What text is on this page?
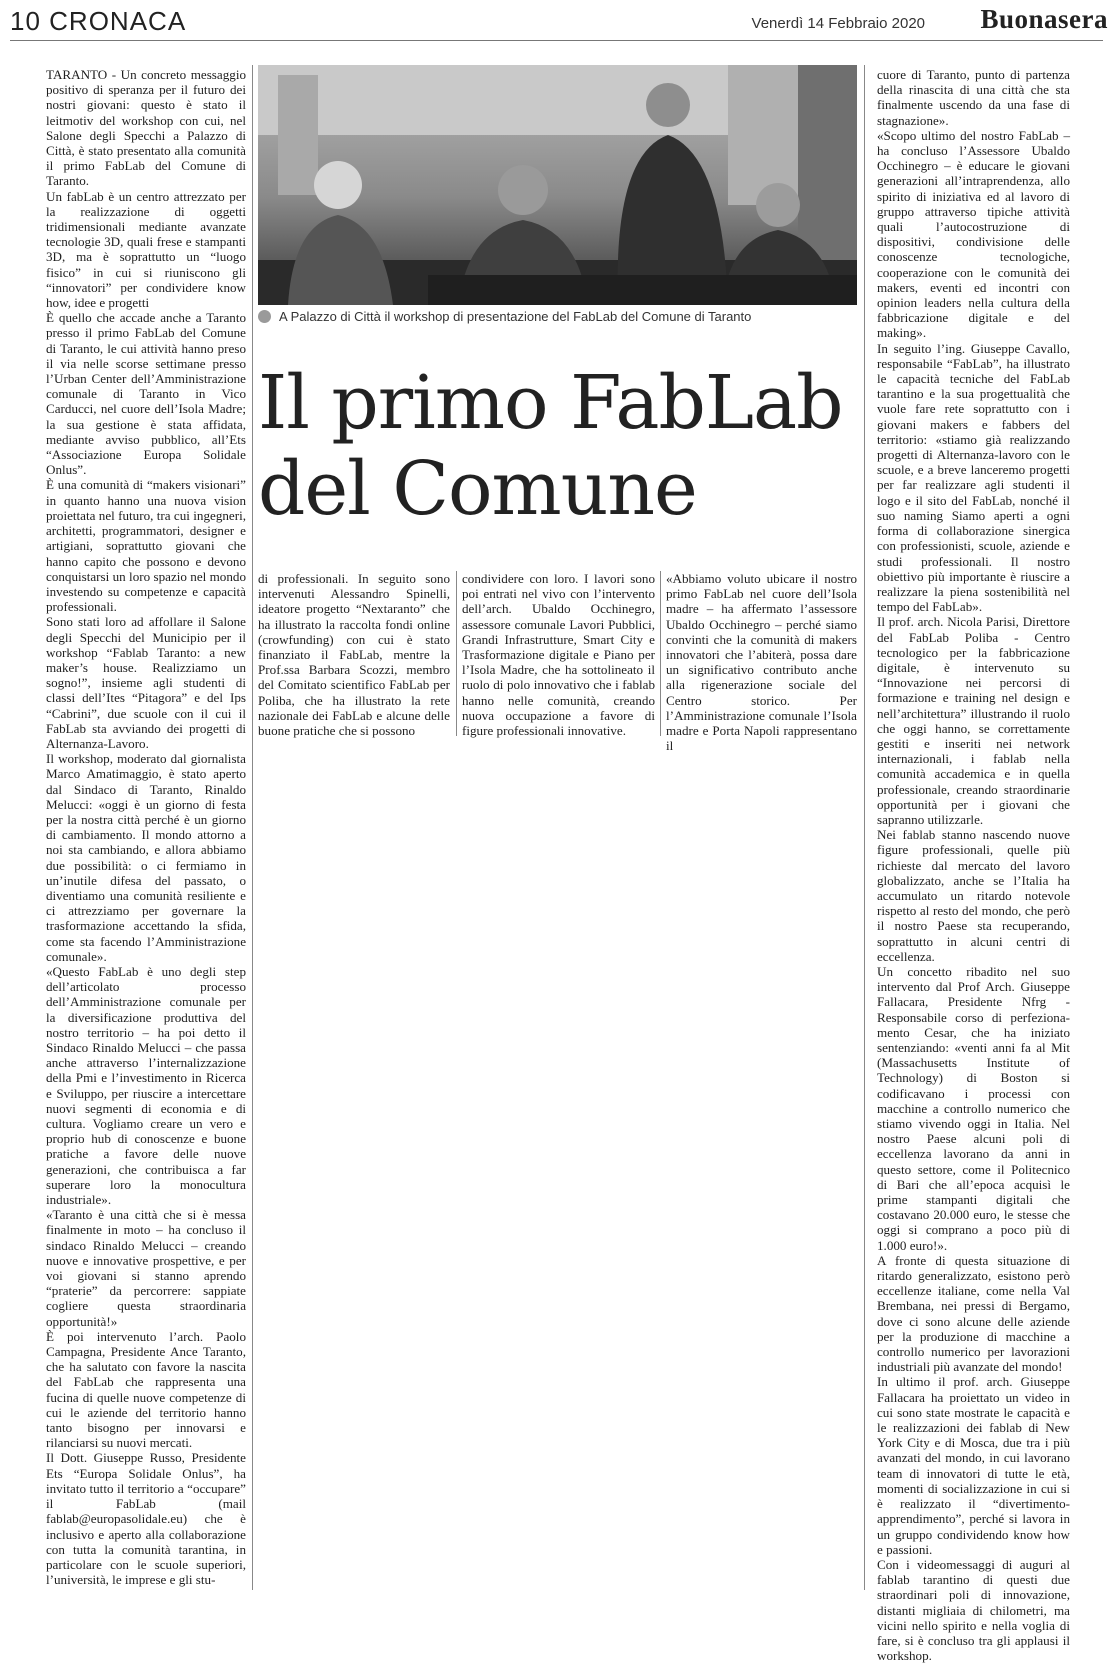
10 CRONACA	Venerdì 14 Febbraio 2020 Buonasera

TARANTO - Un concreto messaggio positivo di speranza per il futuro dei nostri giovani: questo è stato il leitmotiv del workshop con cui, nel Salone degli Specchi a Palazzo di Città, è stato presentato alla comunità il primo FabLab del Comune di Taranto.

Un fabLab è un centro attrezzato per la realizzazione di oggetti tridimensionali mediante avanzate tecnologie 3D, quali frese e stampanti 3D, ma è soprattutto un “luogo fisico” in cui si riuniscono gli “innovatori” per condividere know how, idee e progetti

È quello che accade anche a Taranto presso il primo FabLab del Comune di Taranto, le cui attività hanno preso il via nelle scorse settimane presso l’Urban Center dell’Amministrazione comunale di Taranto in Vico Carducci, nel cuore dell’Isola Madre; la sua gestione è stata affidata, mediante avviso pubblico, all’Ets “Associazione Europa Solidale Onlus”.

È una comunità di “makers visionari” in quanto hanno una nuova vision proiettata nel futuro, tra cui ingegneri, architetti, programmatori, designer e artigiani, soprattutto giovani che hanno capito che possono e devono conquistarsi un loro spazio nel mondo investendo su competenze e capacità professionali.

Sono stati loro ad affollare il Salone degli Specchi del Municipio per il workshop “Fablab Taranto: a new maker’s house. Realizziamo un sogno!”, insieme agli studenti di classi dell’Ites “Pitagora” e del Ips “Cabrini”, due scuole con il cui il FabLab sta avviando dei progetti di Alternanza-Lavoro.

Il workshop, moderato dal giornalista Marco Amatimaggio, è stato aperto dal Sindaco di Taranto, Rinaldo Melucci: «oggi è un giorno di festa per la nostra città perché è un giorno di cambiamento. Il mondo attorno a noi sta cambiando, e allora abbiamo due possibilità: o ci fermiamo in un’inutile difesa del passato, o diventiamo una comunità resiliente e ci attrezziamo per governare la trasformazione accettando la sfida, come sta facendo l’Amministrazione comunale».

«Questo FabLab è uno degli step dell’articolato processo dell’Amministrazione comunale per la diversificazione produttiva del nostro territorio – ha poi detto il Sindaco Rinaldo Melucci – che passa anche attraverso l’internalizzazione della Pmi e l’investimento in Ricerca e Sviluppo, per riuscire a intercettare nuovi segmenti di economia e di cultura. Vogliamo creare un vero e proprio hub di conoscenze e buone pratiche a favore delle nuove generazioni, che contribuisca a far superare loro la monocultura industriale».

«Taranto è una città che si è messa finalmente in moto – ha concluso il sindaco Rinaldo Melucci – creando nuove e innovative prospettive, e per voi giovani si stanno aprendo “praterie” da percorrere: sappiate cogliere questa straordinaria opportunità!»

È poi intervenuto l’arch. Paolo Campagna, Presidente Ance Taranto, che ha salutato con favore la nascita del FabLab che rappresenta una fucina di quelle nuove competenze di cui le aziende del territorio hanno tanto bisogno per innovarsi e rilanciarsi su nuovi mercati.

Il Dott. Giuseppe Russo, Presidente Ets “Europa Solidale Onlus”, ha invitato tutto il territorio a “occupare” il FabLab (mail fablab@europasolidale.eu) che è inclusivo e aperto alla collaborazione con tutta la comunità tarantina, in particolare con le scuole superiori, l’università, le imprese e gli stu-

A Palazzo di Città il workshop di presentazione del FabLab del Comune di Taranto
Il primo FabLab
del Comune

di professionali. In seguito sono intervenuti Alessandro Spinelli, ideatore progetto “Nextaranto” che ha illustrato la raccolta fondi online (crowfunding) con cui è stato finanziato il FabLab, mentre la Prof.ssa Barbara Scozzi, membro del Comitato scientifico FabLab per Poliba, che ha illustrato la rete nazionale dei FabLab e alcune delle buone pratiche che si possono

condividere con loro. I lavori sono poi entrati nel vivo con l’intervento dell’arch. Ubaldo Occhinegro, assessore comunale Lavori Pubblici, Grandi Infrastrutture, Smart City e Trasformazione digitale e Piano per l’Isola Madre, che ha sottolineato il ruolo di polo innovativo che i fablab hanno nelle comunità, creando nuova occupazione a favore di figure professionali innovative.

«Abbiamo voluto ubicare il nostro primo FabLab nel cuore dell’Isola madre – ha affermato l’assessore Ubaldo Occhinegro – perché siamo convinti che la comunità di makers innovatori che l’abiterà, possa dare un significativo contributo anche alla rigenerazione sociale del Centro storico. Per l’Amministrazione comunale l’Isola madre e Porta Napoli rappresentano il

cuore di Taranto, punto di partenza della rinascita di una città che sta finalmente uscendo da una fase di stagnazione».

«Scopo ultimo del nostro FabLab – ha concluso l’Assessore Ubaldo Occhinegro – è educare le giovani generazioni all’intraprendenza, allo spirito di iniziativa ed al lavoro di gruppo attraverso tipiche attività quali l’autocostruzione di dispositivi, condivisione delle conoscenze tecnologiche, cooperazione con le comunità dei makers, eventi ed incontri con opinion leaders nella cultura della fabbricazione digitale e del making».

In seguito l’ing. Giuseppe Cavallo, responsabile “FabLab”, ha illustrato le capacità tecniche del FabLab tarantino e la sua progettualità che vuole fare rete soprattutto con i giovani makers e fabbers del territorio: «stiamo già realizzando progetti di Alternanza-lavoro con le scuole, e a breve lanceremo progetti per far realizzare agli studenti il logo e il sito del FabLab, nonché il suo naming Siamo aperti a ogni forma di collaborazione sinergica con professionisti, scuole, aziende e studi professionali. Il nostro obiettivo più importante è riuscire a realizzare la piena sostenibilità nel tempo del FabLab».

Il prof. arch. Nicola Parisi, Direttore del FabLab Poliba - Centro tecnologico per la fabbricazione digitale, è intervenuto su “Innovazione nei percorsi di formazione e training nel design e nell’architettura” illustrando il ruolo che oggi hanno, se correttamente gestiti e inseriti nei network internazionali, i fablab nella comunità accademica e in quella professionale, creando straordinarie opportunità per i giovani che sapranno utilizzarle.

Nei fablab stanno nascendo nuove figure professionali, quelle più richieste dal mercato del lavoro globalizzato, anche se l’Italia ha accumulato un ritardo notevole rispetto al resto del mondo, che però il nostro Paese sta recuperando, soprattutto in alcuni centri di eccellenza.

Un concetto ribadito nel suo intervento dal Prof Arch. Giuseppe Fallacara, Presidente Nfrg - Responsabile corso di perfeziona-mento Cesar, che ha iniziato sentenziando: «venti anni fa al Mit (Massachusetts Institute of Technology) di Boston si codificavano i processi con macchine a controllo numerico che stiamo vivendo oggi in Italia. Nel nostro Paese alcuni poli di eccellenza lavorano da anni in questo settore, come il Politecnico di Bari che all’epoca acquisì le prime stampanti digitali che costavano 20.000 euro, le stesse che oggi si comprano a poco più di 1.000 euro!».

A fronte di questa situazione di ritardo generalizzato, esistono però eccellenze italiane, come nella Val Brembana, nei pressi di Bergamo, dove ci sono alcune delle aziende per la produzione di macchine a controllo numerico per lavorazioni industriali più avanzate del mondo!

In ultimo il prof. arch. Giuseppe Fallacara ha proiettato un video in cui sono state mostrate le capacità e le realizzazioni dei fablab di New York City e di Mosca, due tra i più avanzati del mondo, in cui lavorano team di innovatori di tutte le età, momenti di socializzazione in cui si è realizzato il “divertimento-apprendimento”, perché si lavora in un gruppo condividendo know how e passioni.

Con i videomessaggi di auguri al fablab tarantino di questi due straordinari poli di innovazione, distanti migliaia di chilometri, ma vicini nello spirito e nella voglia di fare, si è concluso tra gli applausi il workshop.
